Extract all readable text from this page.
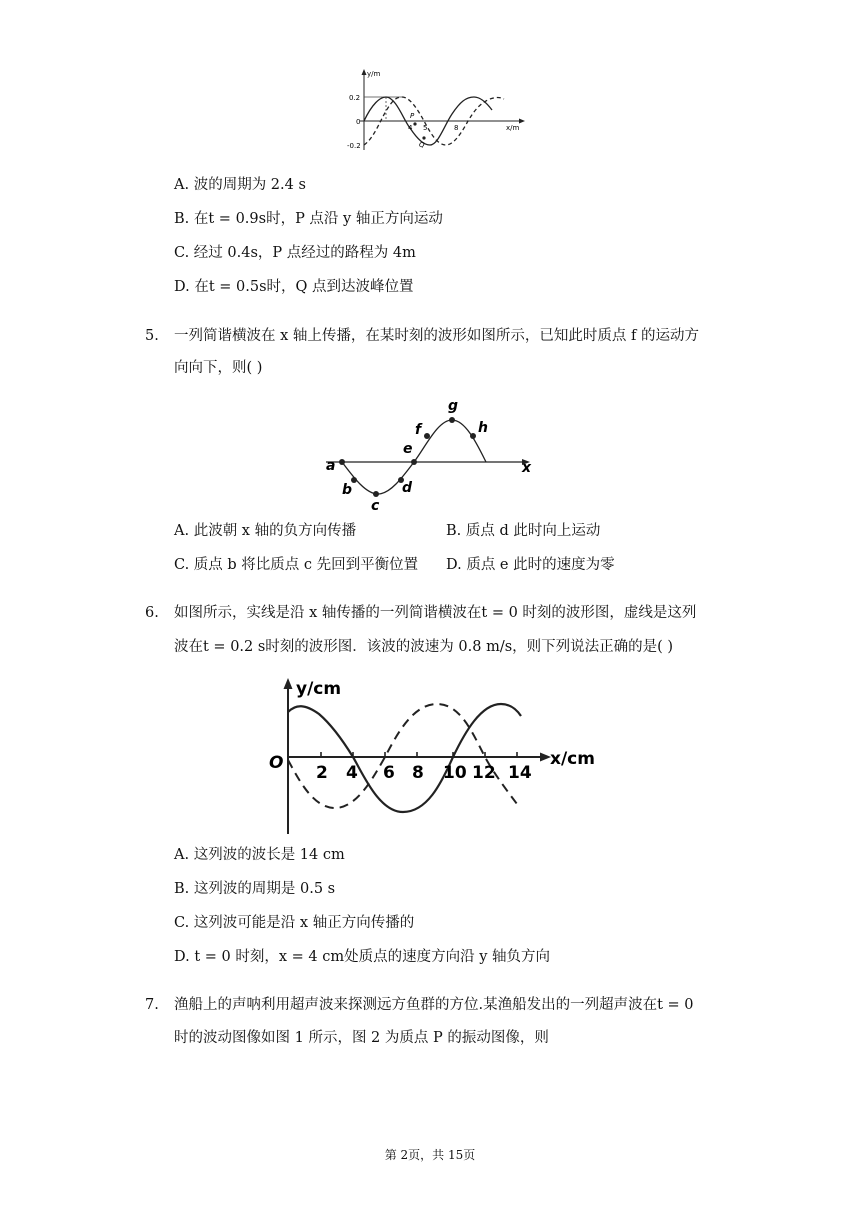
y/m
x/m
0.2
0
-0.2
4 5	8
P
Q
A. 波的周期为 2.4 s
B. 在t = 0.9s时，P 点沿 y 轴正方向运动
C. 经过 0.4s，P 点经过的路程为 4m
D. 在t = 0.5s时，Q 点到达波峰位置
5. 一列简谐横波在 x 轴上传播，在某时刻的波形如图所示，已知此时质点 f 的运动方
向向下，则( )
a
b
c
d
e
f
g
h
x
A. 此波朝 x 轴的负方向传播	B. 质点 d 此时向上运动
C. 质点 b 将比质点 c 先回到平衡位置 D. 质点 e 此时的速度为零
6. 如图所示，实线是沿 x 轴传播的一列简谐横波在t = 0 时刻的波形图，虚线是这列
波在t = 0.2 s时刻的波形图．该波的波速为 0.8 m/s，则下列说法正确的是( )
y/cm
x/cm
O 2 4 6 8 10 12 14
A. 这列波的波长是 14 cm
B. 这列波的周期是 0.5 s
C. 这列波可能是沿 x 轴正方向传播的
D. t = 0 时刻，x = 4 cm处质点的速度方向沿 y 轴负方向
7. 渔船上的声呐利用超声波来探测远方鱼群的方位.某渔船发出的一列超声波在t = 0
时的波动图像如图 1 所示，图 2 为质点 P 的振动图像，则
第 2页，共 15页
